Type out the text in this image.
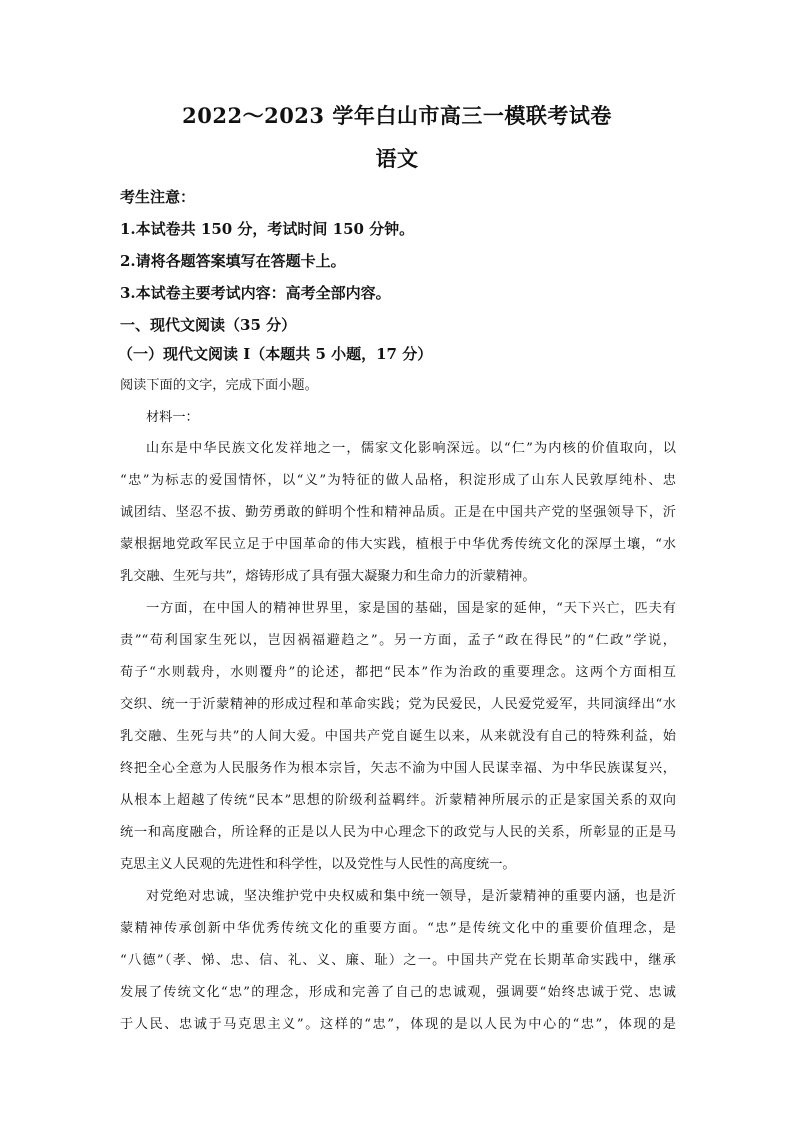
2022～2023 学年白山市高三一模联考试卷
语文
考生注意：
1.本试卷共 150 分，考试时间 150 分钟。
2.请将各题答案填写在答题卡上。
3.本试卷主要考试内容：高考全部内容。
一、现代文阅读（35 分）
（一）现代文阅读 I（本题共 5 小题，17 分）
阅读下面的文字，完成下面小题。
材料一：
山东是中华民族文化发祥地之一，儒家文化影响深远。以“仁”为内核的价值取向，以
“忠”为标志的爱国情怀，以“义”为特征的做人品格，积淀形成了山东人民敦厚纯朴、忠
诚团结、坚忍不拔、勤劳勇敢的鲜明个性和精神品质。正是在中国共产党的坚强领导下，沂
蒙根据地党政军民立足于中国革命的伟大实践，植根于中华优秀传统文化的深厚土壤，“水
乳交融、生死与共”，熔铸形成了具有强大凝聚力和生命力的沂蒙精神。
一方面，在中国人的精神世界里，家是国的基础，国是家的延伸，“天下兴亡，匹夫有
责”“苟利国家生死以，岂因祸福避趋之”。另一方面，孟子“政在得民”的“仁政”学说，
荀子“水则载舟，水则覆舟”的论述，都把“民本”作为治政的重要理念。这两个方面相互
交织、统一于沂蒙精神的形成过程和革命实践；党为民爱民，人民爱党爱军，共同演绎出“水
乳交融、生死与共”的人间大爱。中国共产党自诞生以来，从来就没有自己的特殊利益，始
终把全心全意为人民服务作为根本宗旨，矢志不渝为中国人民谋幸福、为中华民族谋复兴，
从根本上超越了传统“民本”思想的阶级利益羁绊。沂蒙精神所展示的正是家国关系的双向
统一和高度融合，所诠释的正是以人民为中心理念下的政党与人民的关系，所彰显的正是马
克思主义人民观的先进性和科学性，以及党性与人民性的高度统一。
对党绝对忠诚，坚决维护党中央权威和集中统一领导，是沂蒙精神的重要内涵，也是沂
蒙精神传承创新中华优秀传统文化的重要方面。“忠”是传统文化中的重要价值理念，是
“八德”（孝、悌、忠、信、礼、义、廉、耻）之一。中国共产党在长期革命实践中，继承
发展了传统文化“忠”的理念，形成和完善了自己的忠诚观，强调要“始终忠诚于党、忠诚
于人民、忠诚于马克思主义”。这样的“忠”，体现的是以人民为中心的“忠”，体现的是
